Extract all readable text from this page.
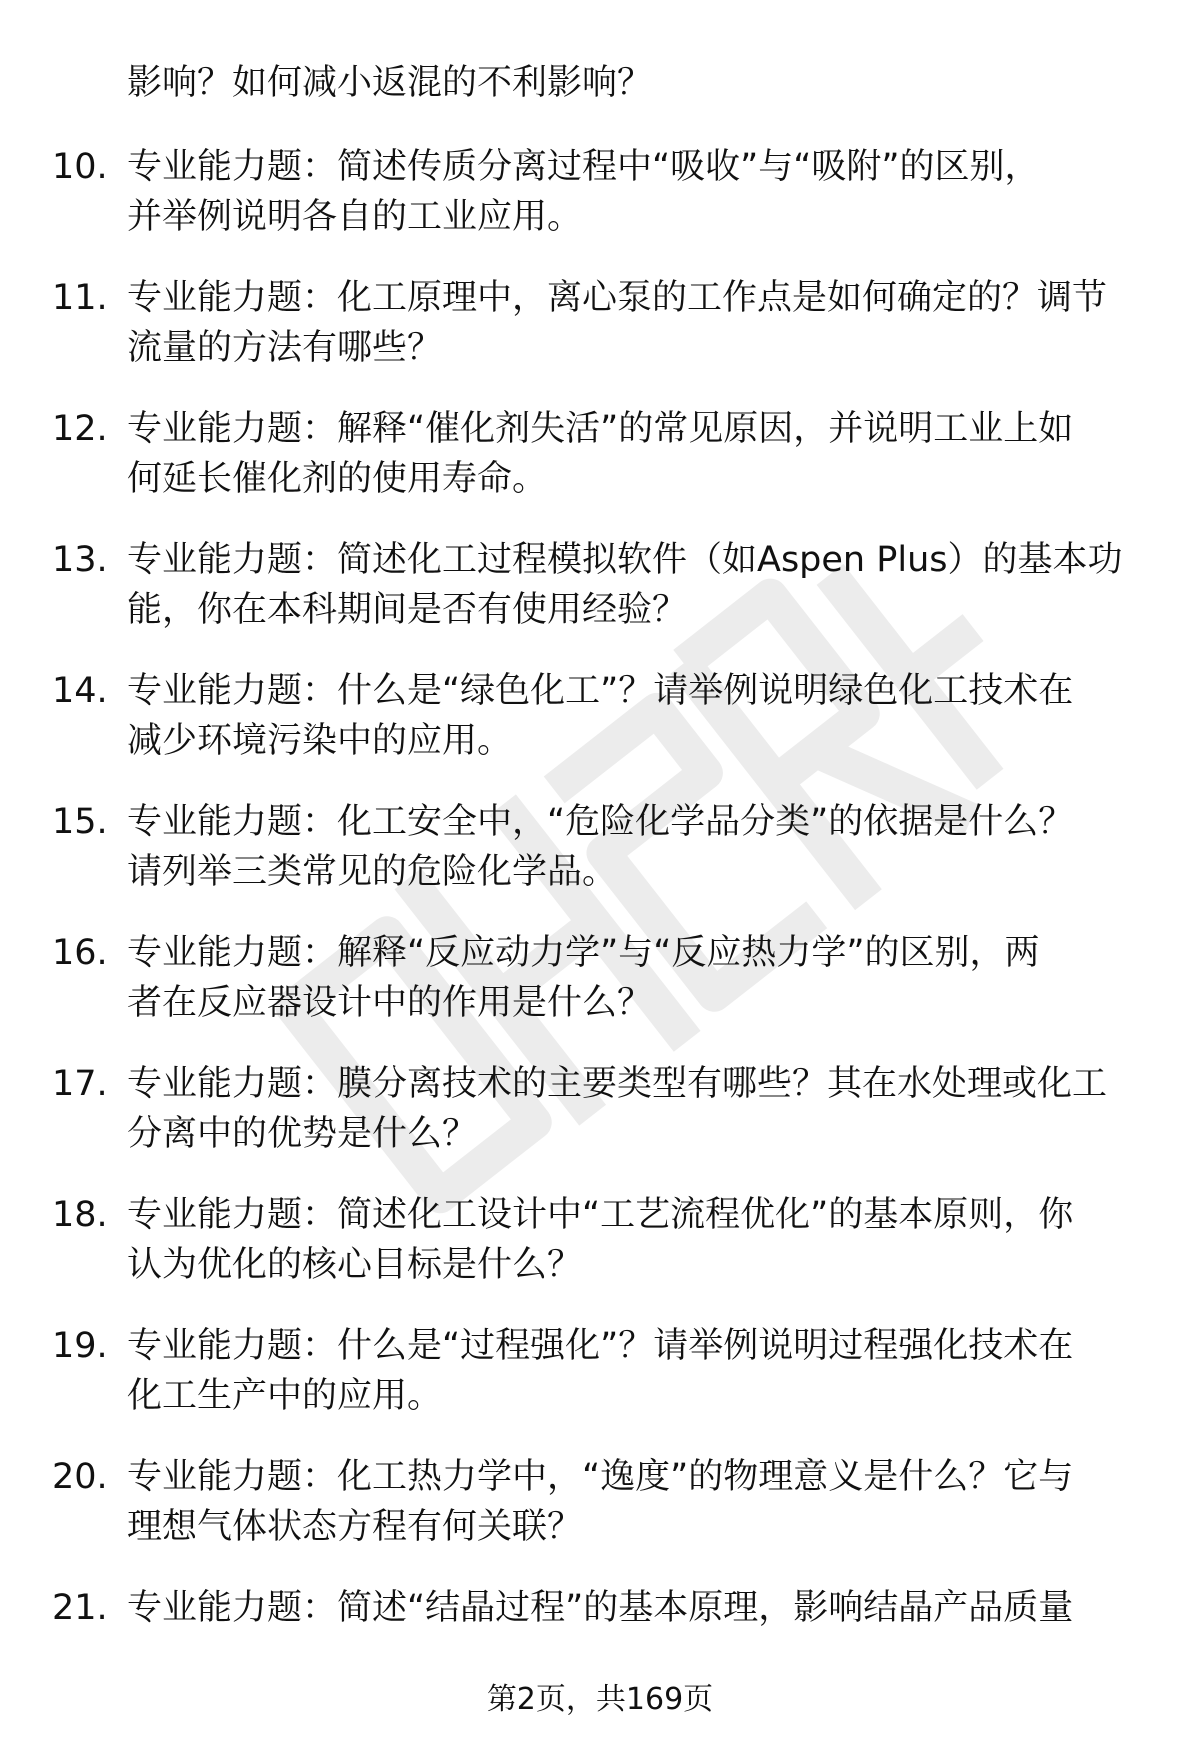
影响？如何减小返混的不利影响？
10. 专业能力题：简述传质分离过程中“吸收”与“吸附”的区别，
并举例说明各自的工业应用。
11. 专业能力题：化工原理中，离心泵的工作点是如何确定的？调节
流量的方法有哪些？
12. 专业能力题：解释“催化剂失活”的常见原因，并说明工业上如
何延长催化剂的使用寿命。
13. 专业能力题：简述化工过程模拟软件（如Aspen Plus）的基本功
能，你在本科期间是否有使用经验？
14. 专业能力题：什么是“绿色化工”？请举例说明绿色化工技术在
减少环境污染中的应用。
15. 专业能力题：化工安全中，“危险化学品分类”的依据是什么？
请列举三类常见的危险化学品。
16. 专业能力题：解释“反应动力学”与“反应热力学”的区别，两
者在反应器设计中的作用是什么？
17. 专业能力题：膜分离技术的主要类型有哪些？其在水处理或化工
分离中的优势是什么？
18. 专业能力题：简述化工设计中“工艺流程优化”的基本原则，你
认为优化的核心目标是什么？
19. 专业能力题：什么是“过程强化”？请举例说明过程强化技术在
化工生产中的应用。
20. 专业能力题：化工热力学中，“逸度”的物理意义是什么？它与
理想气体状态方程有何关联？
21. 专业能力题：简述“结晶过程”的基本原理，影响结晶产品质量
第2页，共169页
